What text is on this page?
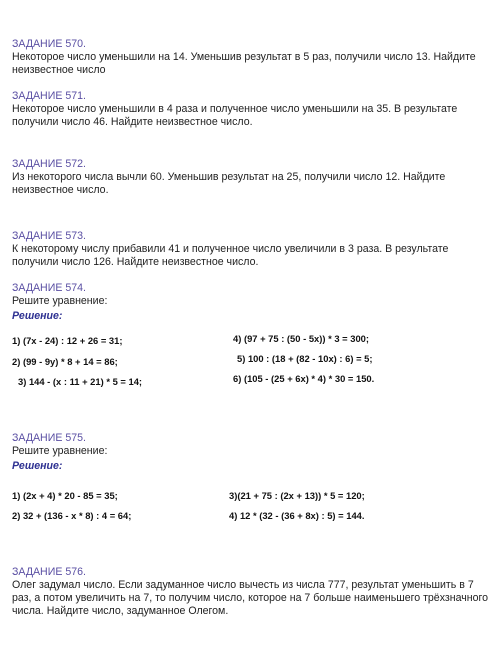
ЗАДАНИЕ 570.
Некоторое число уменьшили на 14. Уменьшив результат в 5 раз, получили число 13. Найдите неизвестное число
ЗАДАНИЕ 571.
Некоторое число уменьшили в 4 раза и полученное число уменьшили на 35. В результате получили число 46. Найдите неизвестное число.
ЗАДАНИЕ 572.
Из некоторого числа вычли 60. Уменьшив результат на 25, получили число 12. Найдите неизвестное число.
ЗАДАНИЕ 573.
К некоторому числу прибавили 41 и полученное число увеличили в 3 раза. В результате получили число 126. Найдите неизвестное число.
ЗАДАНИЕ 574.
Решите уравнение:
Решение:
1) (7x - 24) : 12 + 26 = 31;
2) (99 - 9y) * 8 + 14 = 86;
3) 144 - (x : 11 + 21) * 5 = 14;
4) (97 + 75 : (50 - 5x)) * 3 = 300;
5) 100 : (18 + (82 - 10x) : 6) = 5;
6) (105 - (25 + 6x) * 4) * 30 = 150.
ЗАДАНИЕ 575.
Решите уравнение:
Решение:
1) (2x + 4) * 20 - 85 = 35;
2) 32 + (136 - x * 8) : 4 = 64;
3)(21 + 75 : (2x + 13)) * 5 = 120;
4) 12 * (32 - (36 + 8x) : 5) = 144.
ЗАДАНИЕ 576.
Олег задумал число. Если задуманное число вычесть из числа 777, результат уменьшить в 7 раз, а потом увеличить на 7, то получим число, которое на 7 больше наименьшего трёхзначного числа. Найдите число, задуманное Олегом.
